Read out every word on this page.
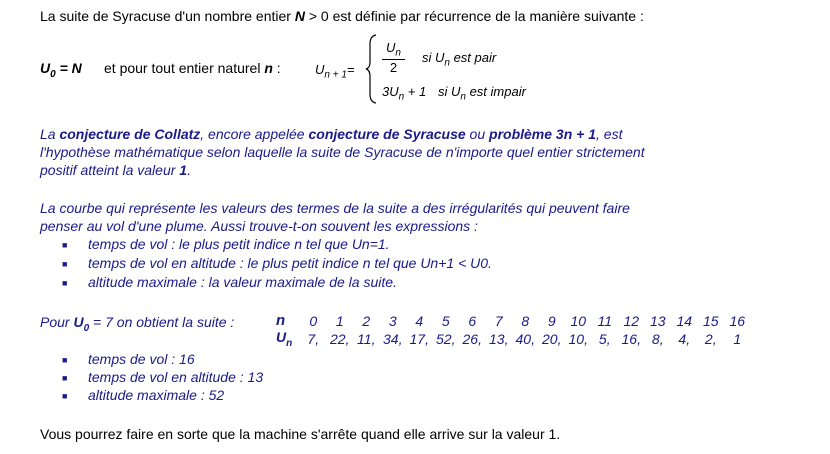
La suite de Syracuse d'un nombre entier N > 0 est définie par récurrence de la manière suivante :
$U_0 = N$ et pour tout entier naturel n :	$U_{n + 1}= \frac{U_n}{2}$ si $U_n$ est pair
$3U_n + 1$ si $U_n$ est impair
La conjecture de Collatz, encore appelée conjecture de Syracuse ou problème 3n + 1, est
l'hypothèse mathématique selon laquelle la suite de Syracuse de n'importe quel entier strictement
positif atteint la valeur 1.
La courbe qui représente les valeurs des termes de la suite a des irrégularités qui peuvent faire
penser au vol d'une plume. Aussi trouve-t-on souvent les expressions :
■ temps de vol : le plus petit indice n tel que Un=1.
■ temps de vol en altitude : le plus petit indice n tel que Un+1 < U0.
■ altitude maximale : la valeur maximale de la suite.
Pour $U_0 = 7$ on obtient la suite :	n	0	1	2	3	4	5	6	7	8	9	10	11	12	13	14	15	16
$U_n$	7,	22,	11,	34,	17,	52,	26,	13,	40,	20,	10,	5,	16,	8,	4,	2,	1
■ temps de vol : 16
■ temps de vol en altitude : 13
■ altitude maximale : 52
Vous pourrez faire en sorte que la machine s'arrête quand elle arrive sur la valeur 1.
